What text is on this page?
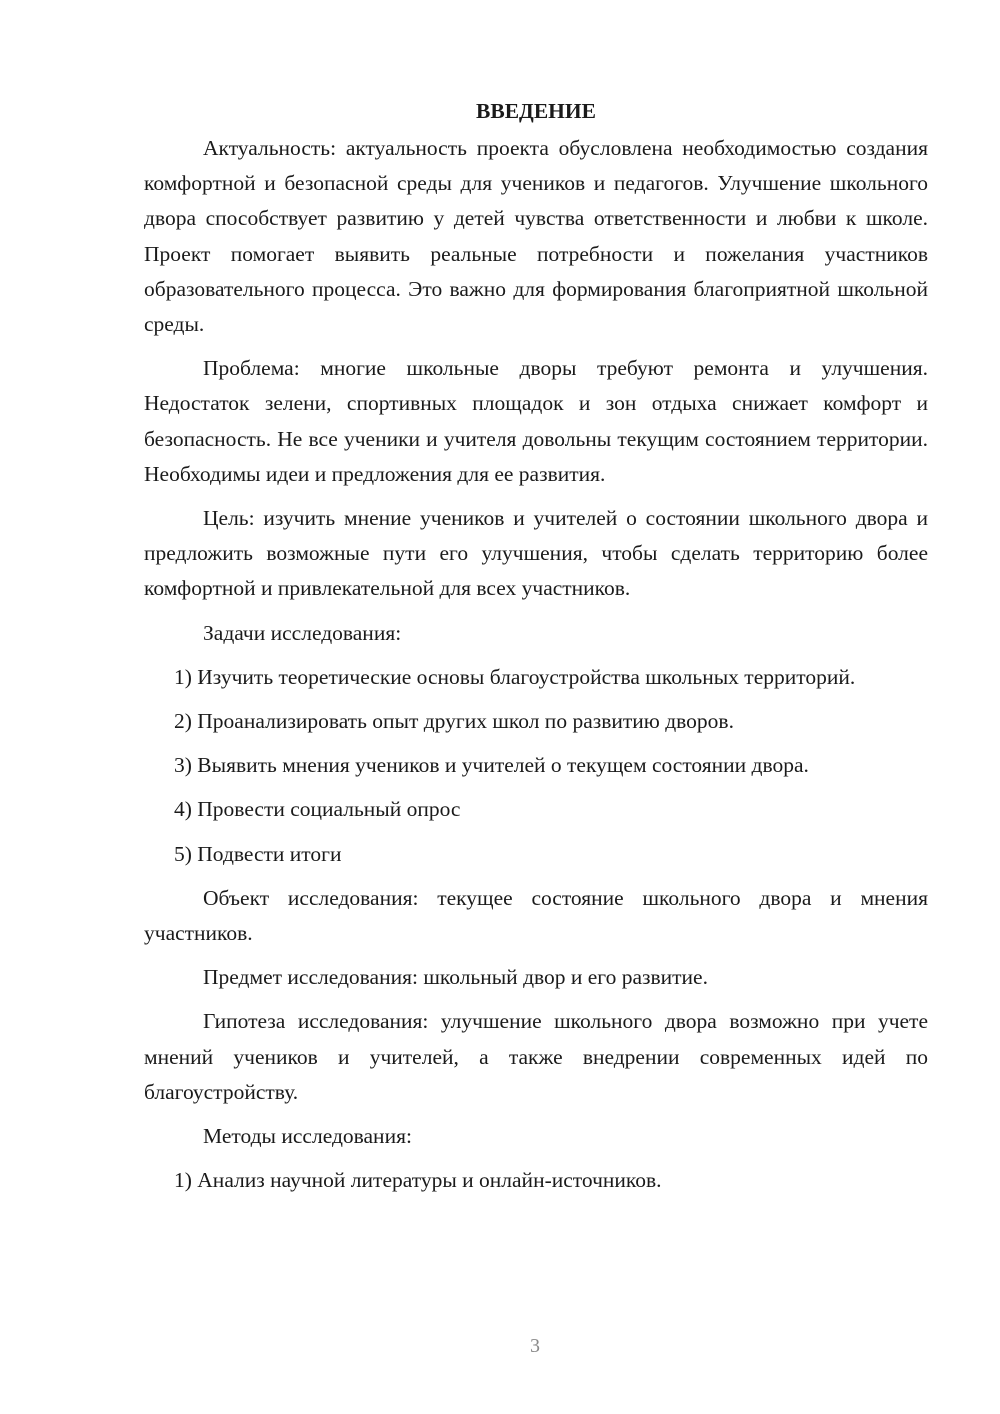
ВВЕДЕНИЕ

Актуальность: актуальность проекта обусловлена необходимостью создания комфортной и безопасной среды для учеников и педагогов. Улучшение школьного двора способствует развитию у детей чувства ответственности и любви к школе. Проект помогает выявить реальные потребности и пожелания участников образовательного процесса. Это важно для формирования благоприятной школьной среды.

Проблема: многие школьные дворы требуют ремонта и улучшения. Недостаток зелени, спортивных площадок и зон отдыха снижает комфорт и безопасность. Не все ученики и учителя довольны текущим состоянием территории. Необходимы идеи и предложения для ее развития.

Цель: изучить мнение учеников и учителей о состоянии школьного двора и предложить возможные пути его улучшения, чтобы сделать территорию более комфортной и привлекательной для всех участников.

Задачи исследования:

1) Изучить теоретические основы благоустройства школьных территорий.

2) Проанализировать опыт других школ по развитию дворов.

3) Выявить мнения учеников и учителей о текущем состоянии двора.

4) Провести социальный опрос

5) Подвести итоги

Объект исследования: текущее состояние школьного двора и мнения участников.

Предмет исследования: школьный двор и его развитие.

Гипотеза исследования: улучшение школьного двора возможно при учете мнений учеников и учителей, а также внедрении современных идей по благоустройству.

Методы исследования:

1) Анализ научной литературы и онлайн-источников.

3
